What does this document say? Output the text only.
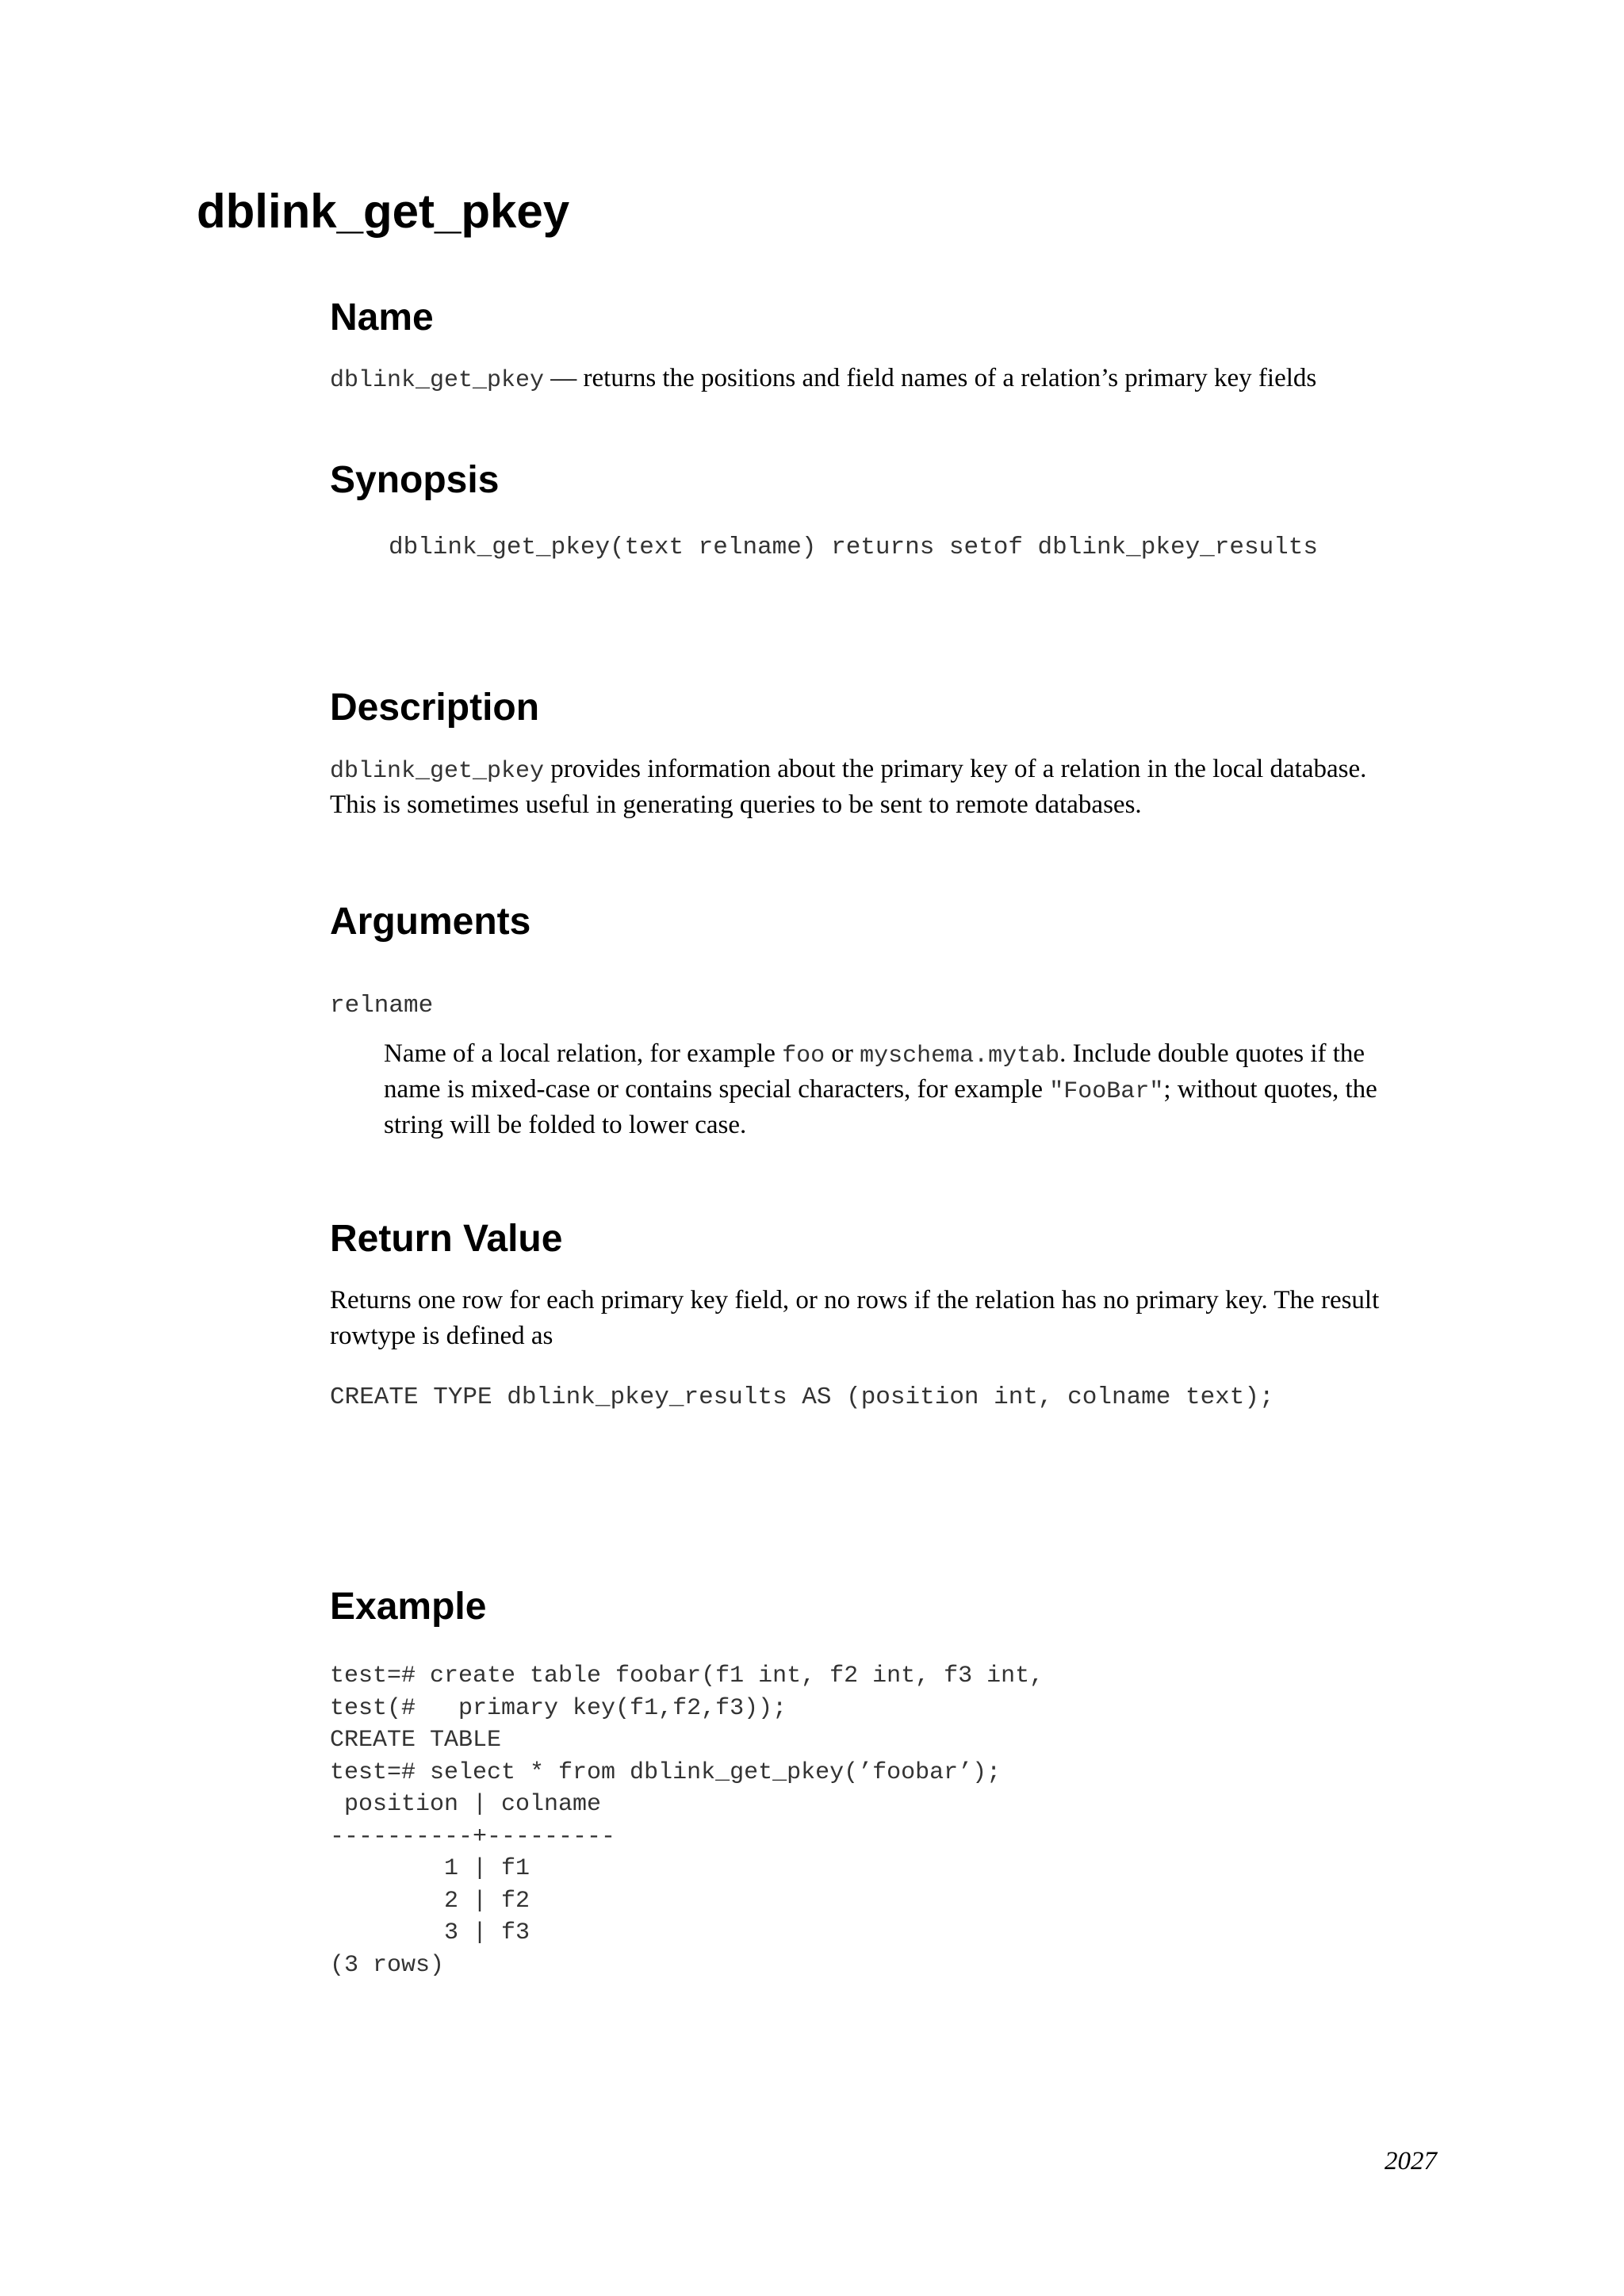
dblink_get_pkey
Name

dblink_get_pkey — returns the positions and field names of a relation’s primary key fields

Synopsis

dblink_get_pkey(text relname) returns setof dblink_pkey_results

Description

dblink_get_pkey provides information about the primary key of a relation in the local database.

This is sometimes useful in generating queries to be sent to remote databases.

Arguments

relname

Name of a local relation, for example foo or myschema.mytab. Include double quotes if the

name is mixed-case or contains special characters, for example "FooBar"; without quotes, the

string will be folded to lower case.

Return Value

Returns one row for each primary key field, or no rows if the relation has no primary key. The result

rowtype is defined as

CREATE TYPE dblink_pkey_results AS (position int, colname text);

Example
test=# create table foobar(f1 int, f2 int, f3 int,
test(#   primary key(f1,f2,f3));
CREATE TABLE
test=# select * from dblink_get_pkey(’foobar’);
position | colname
----------+---------
1 | f1
2 | f2
3 | f3
(3 rows)

2027
